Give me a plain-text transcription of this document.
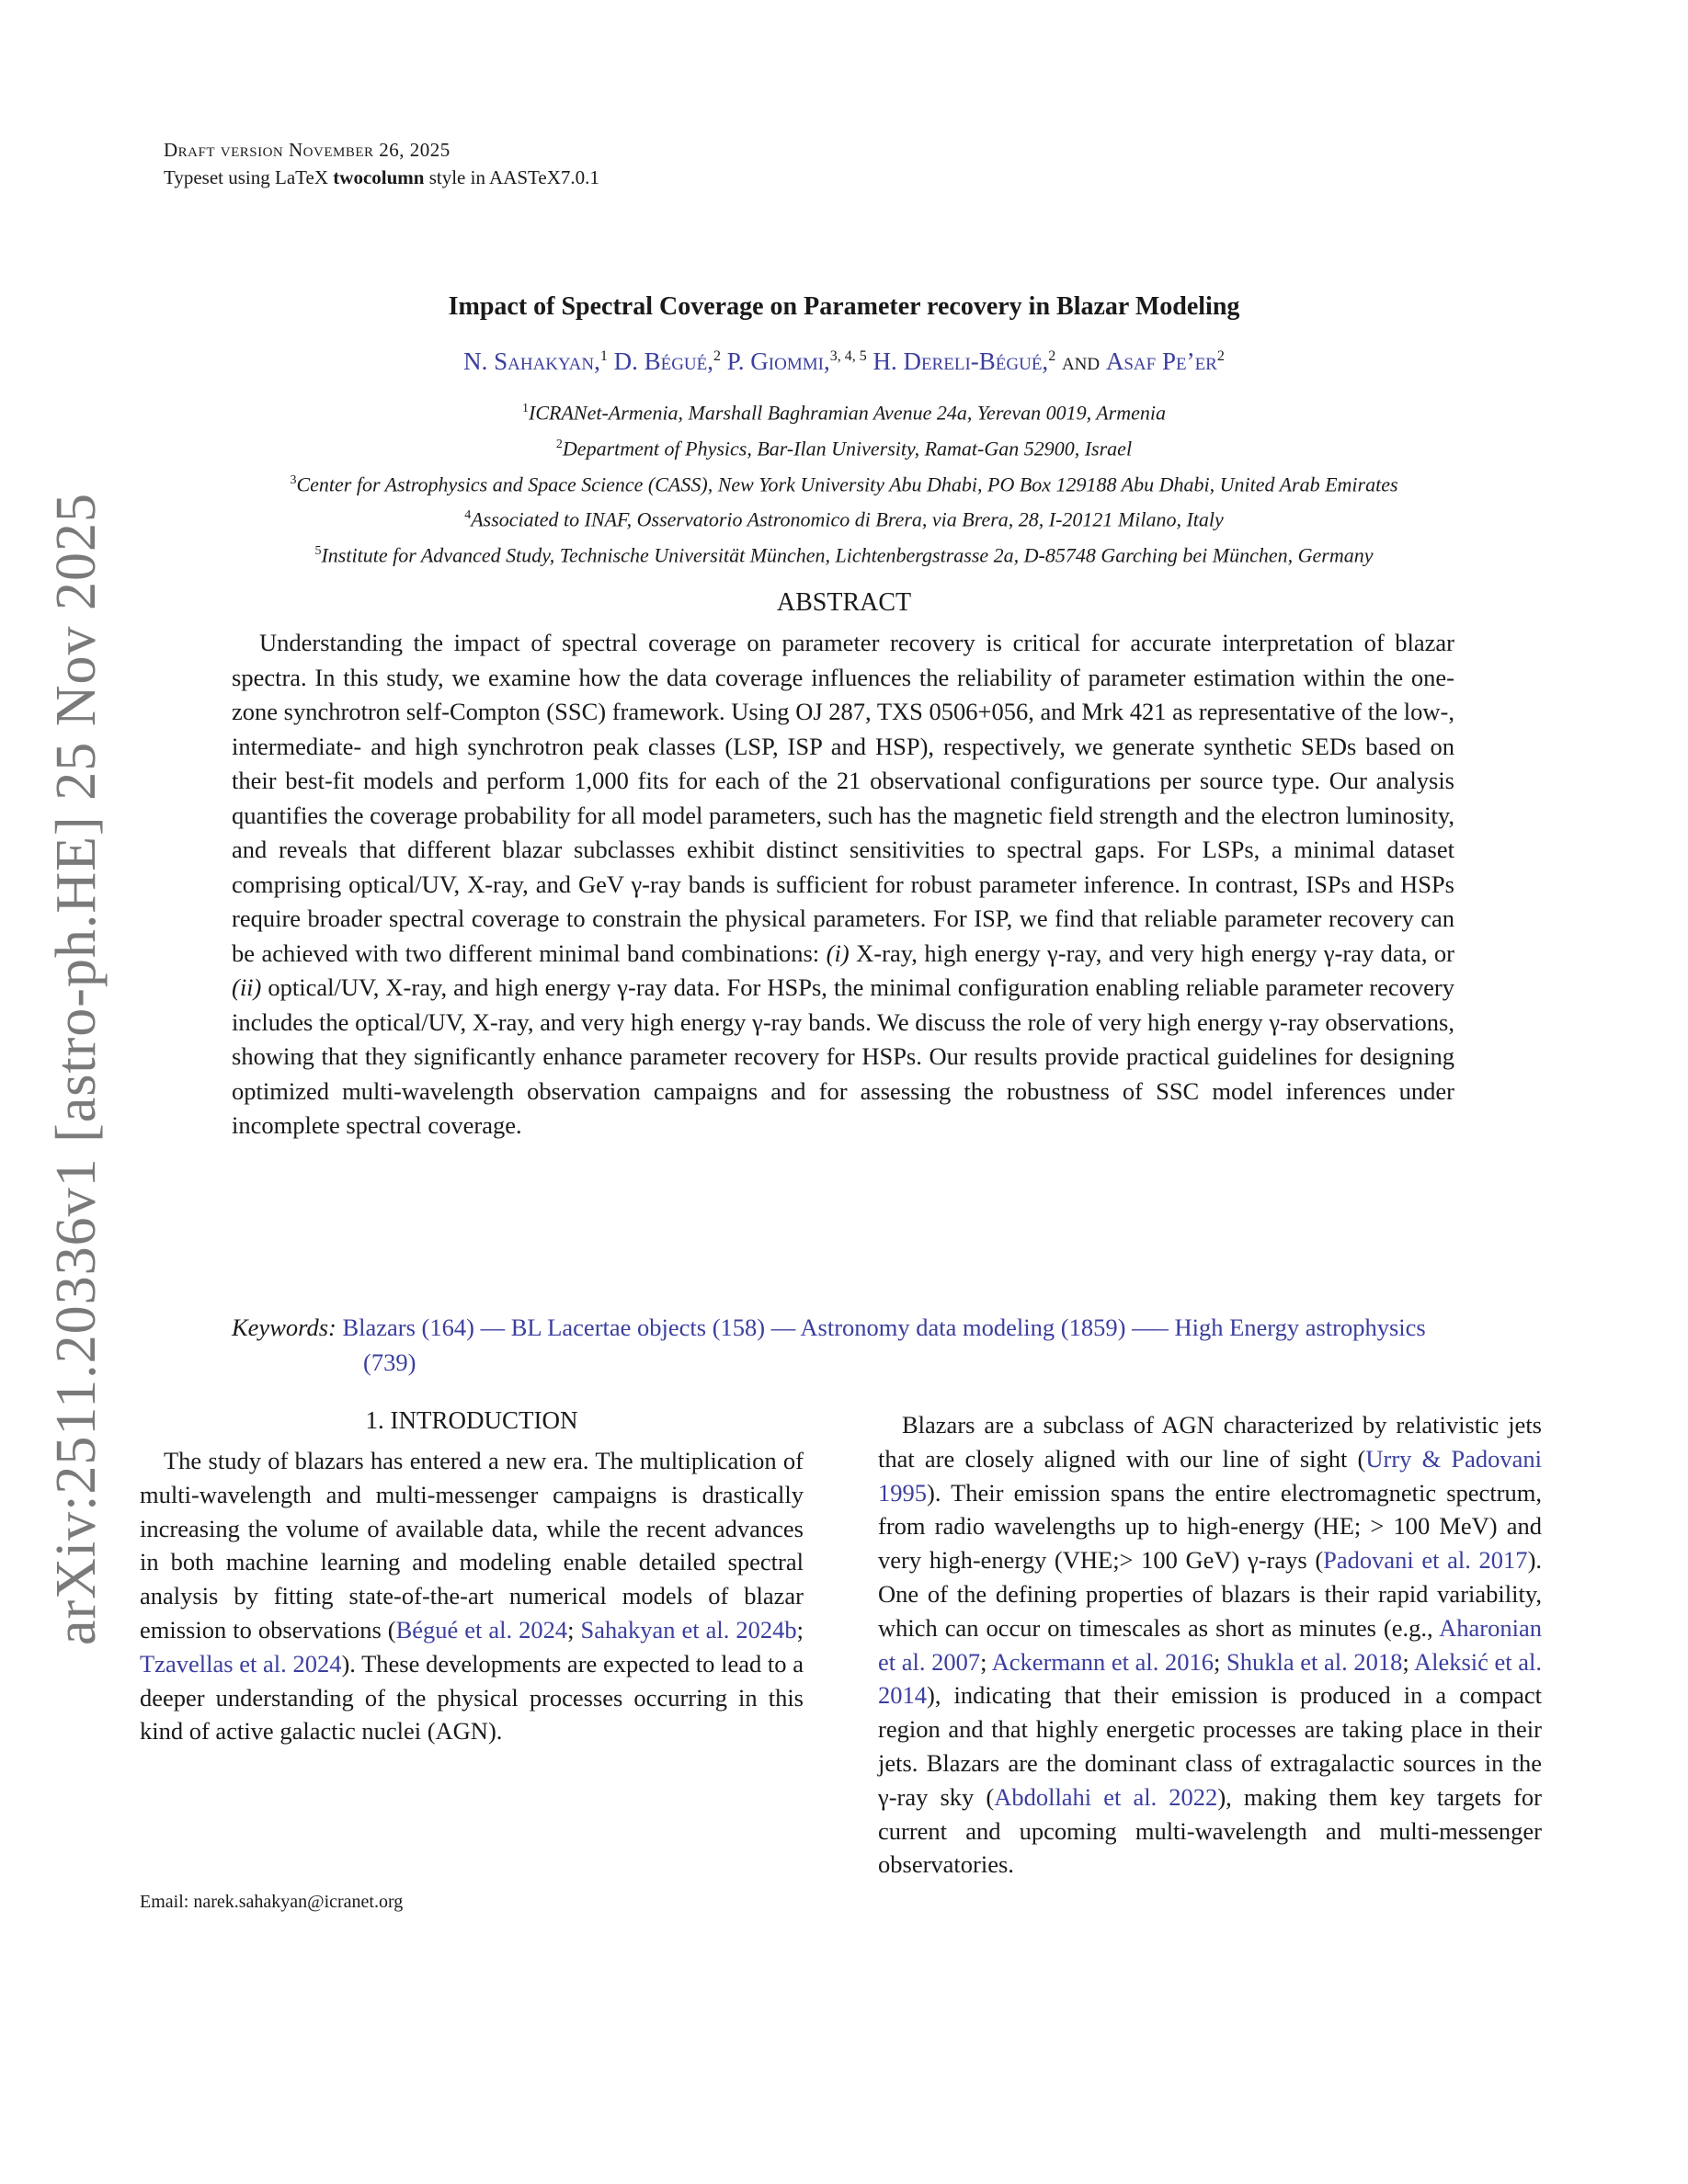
Draft version November 26, 2025
Typeset using LaTeX twocolumn style in AASTeX7.0.1
arXiv:2511.20336v1 [astro-ph.HE] 25 Nov 2025
Impact of Spectral Coverage on Parameter recovery in Blazar Modeling
N. Sahakyan,$^1$ D. Bégué,$^2$ P. Giommi,$^{3, 4, 5}$ H. Dereli-Bégué,$^2$ and Asaf $Pe’er^2$
$^1$ICRANet-Armenia, Marshall Baghramian Avenue 24a, Yerevan 0019, Armenia
$^2$Department of Physics, Bar-Ilan University, Ramat-Gan 52900, Israel
$^3$Center for Astrophysics and Space Science (CASS), New York University Abu Dhabi, PO Box 129188 Abu Dhabi, United Arab Emirates
$^4$Associated to INAF, Osservatorio Astronomico di Brera, via Brera, 28, I-20121 Milano, Italy
$^5$Institute for Advanced Study, Technische Universität München, Lichtenbergstrasse 2a, D-85748 Garching bei München, Germany
ABSTRACT
Understanding the impact of spectral coverage on parameter recovery is critical for accurate interpretation of blazar spectra. In this study, we examine how the data coverage influences the reliability of parameter estimation within the one-zone synchrotron self-Compton (SSC) framework. Using OJ 287, TXS 0506+056, and Mrk 421 as representative of the low-, intermediate- and high synchrotron peak classes (LSP, ISP and HSP), respectively, we generate synthetic SEDs based on their best-fit models and perform 1,000 fits for each of the 21 observational configurations per source type. Our analysis quantifies the coverage probability for all model parameters, such has the magnetic field strength and the electron luminosity, and reveals that different blazar subclasses exhibit distinct sensitivities to spectral gaps. For LSPs, a minimal dataset comprising optical/UV, X-ray, and GeV γ-ray bands is sufficient for robust parameter inference. In contrast, ISPs and HSPs require broader spectral coverage to constrain the physical parameters. For ISP, we find that reliable parameter recovery can be achieved with two different minimal band combinations: (i) X-ray, high energy γ-ray, and very high energy γ-ray data, or (ii) optical/UV, X-ray, and high energy γ-ray data. For HSPs, the minimal configuration enabling reliable parameter recovery includes the optical/UV, X-ray, and very high energy γ-ray bands. We discuss the role of very high energy γ-ray observations, showing that they significantly enhance parameter recovery for HSPs. Our results provide practical guidelines for designing optimized multi-wavelength observation campaigns and for assessing the robustness of SSC model inferences under incomplete spectral coverage.
Keywords: Blazars (164) — BL Lacertae objects (158) — Astronomy data modeling (1859) —– High Energy astrophysics (739)
1. INTRODUCTION

The study of blazars has entered a new era. The multiplication of multi-wavelength and multi-messenger campaigns is drastically increasing the volume of available data, while the recent advances in both machine learning and modeling enable detailed spectral analysis by fitting state-of-the-art numerical models of blazar emission to observations (Bégué et al. 2024; Sahakyan et al. 2024b; Tzavellas et al. 2024). These developments are expected to lead to a deeper understanding of the physical processes occurring in this kind of active galactic nuclei (AGN).

Blazars are a subclass of AGN characterized by relativistic jets that are closely aligned with our line of sight (Urry & Padovani 1995). Their emission spans the entire electromagnetic spectrum, from radio wavelengths up to high-energy (HE; > 100 MeV) and very high-energy (VHE;> 100 GeV) γ-rays (Padovani et al. 2017). One of the defining properties of blazars is their rapid variability, which can occur on timescales as short as minutes (e.g., Aharonian et al. 2007; Ackermann et al. 2016; Shukla et al. 2018; Aleksić et al. 2014), indicating that their emission is produced in a compact region and that highly energetic processes are taking place in their jets. Blazars are the dominant class of extragalactic sources in the γ-ray sky (Abdollahi et al. 2022), making them key targets for current and upcoming multi-wavelength and multi-messenger observatories.

Email: narek.sahakyan@icranet.org
